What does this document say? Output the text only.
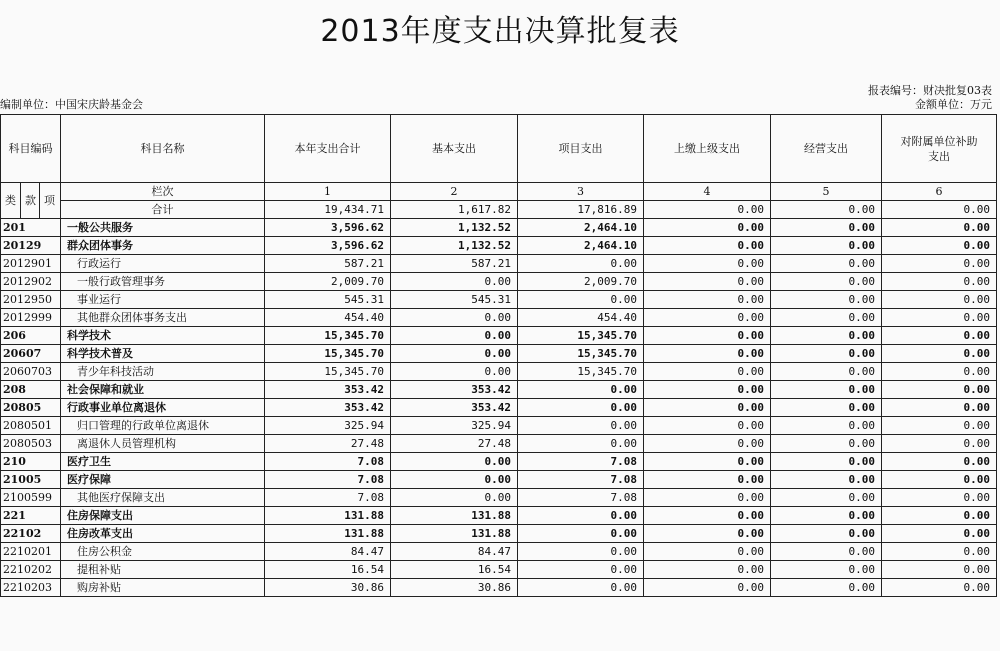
2013年度支出决算批复表
报表编号：财决批复03表
金额单位：万元
编制单位：中国宋庆龄基金会
科目编码			科目名称	本年支出合计	基本支出	项目支出	上缴上级支出	经营支出	对附属单位补助支出
类	款	项	栏次	1	2	3	4	5	6
			合计	19,434.71	1,617.82	17,816.89	0.00	0.00	0.00
201			一般公共服务	3,596.62	1,132.52	2,464.10	0.00	0.00	0.00
20129			群众团体事务	3,596.62	1,132.52	2,464.10	0.00	0.00	0.00
2012901			行政运行	587.21	587.21	0.00	0.00	0.00	0.00
2012902			一般行政管理事务	2,009.70	0.00	2,009.70	0.00	0.00	0.00
2012950			事业运行	545.31	545.31	0.00	0.00	0.00	0.00
2012999			其他群众团体事务支出	454.40	0.00	454.40	0.00	0.00	0.00
206			科学技术	15,345.70	0.00	15,345.70	0.00	0.00	0.00
20607			科学技术普及	15,345.70	0.00	15,345.70	0.00	0.00	0.00
2060703			青少年科技活动	15,345.70	0.00	15,345.70	0.00	0.00	0.00
208			社会保障和就业	353.42	353.42	0.00	0.00	0.00	0.00
20805			行政事业单位离退休	353.42	353.42	0.00	0.00	0.00	0.00
2080501			归口管理的行政单位离退休	325.94	325.94	0.00	0.00	0.00	0.00
2080503			离退休人员管理机构	27.48	27.48	0.00	0.00	0.00	0.00
210			医疗卫生	7.08	0.00	7.08	0.00	0.00	0.00
21005			医疗保障	7.08	0.00	7.08	0.00	0.00	0.00
2100599			其他医疗保障支出	7.08	0.00	7.08	0.00	0.00	0.00
221			住房保障支出	131.88	131.88	0.00	0.00	0.00	0.00
22102			住房改革支出	131.88	131.88	0.00	0.00	0.00	0.00
2210201			住房公积金	84.47	84.47	0.00	0.00	0.00	0.00
2210202			提租补贴	16.54	16.54	0.00	0.00	0.00	0.00
2210203			购房补贴	30.86	30.86	0.00	0.00	0.00	0.00
